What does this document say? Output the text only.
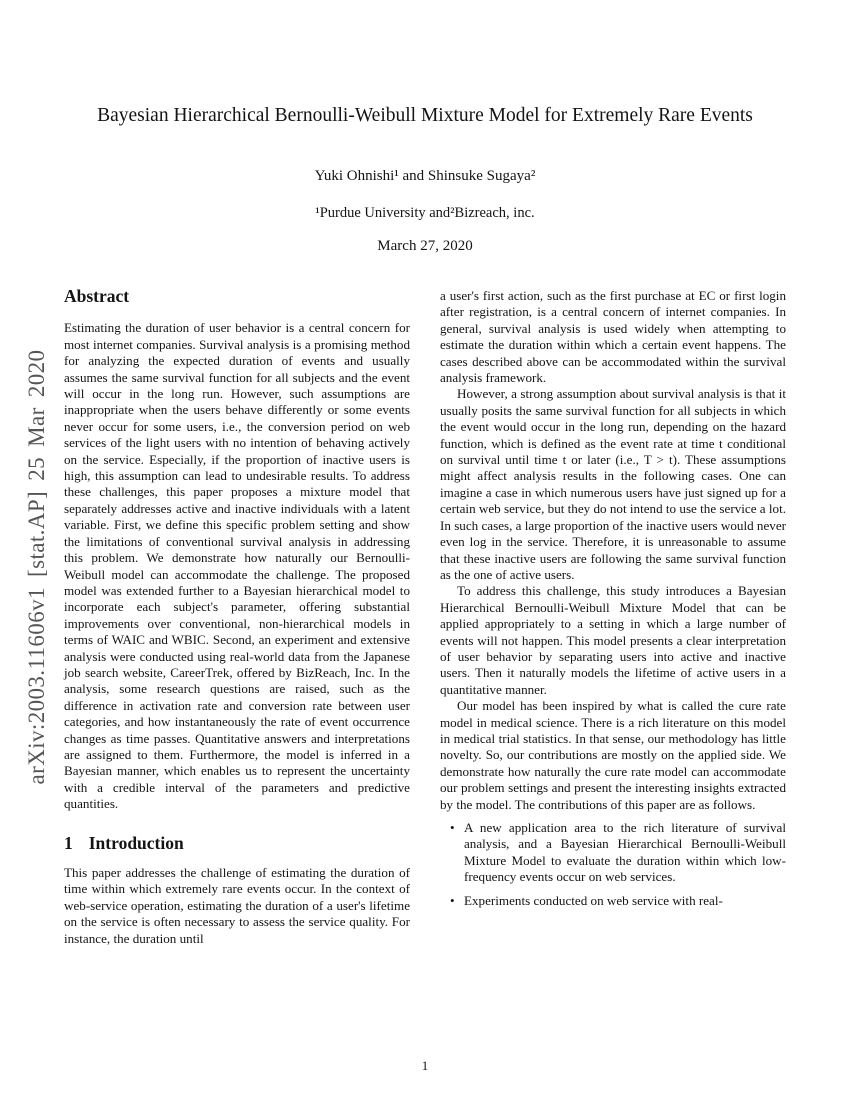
arXiv:2003.11606v1 [stat.AP] 25 Mar 2020
Bayesian Hierarchical Bernoulli-Weibull Mixture Model for Extremely Rare Events
Yuki Ohnishi¹ and Shinsuke Sugaya²
¹Purdue University and²Bizreach, inc.
March 27, 2020
Abstract

Estimating the duration of user behavior is a central concern for most internet companies. Survival analysis is a promising method for analyzing the expected duration of events and usually assumes the same survival function for all subjects and the event will occur in the long run. However, such assumptions are inappropriate when the users behave differently or some events never occur for some users, i.e., the conversion period on web services of the light users with no intention of behaving actively on the service. Especially, if the proportion of inactive users is high, this assumption can lead to undesirable results. To address these challenges, this paper proposes a mixture model that separately addresses active and inactive individuals with a latent variable. First, we define this specific problem setting and show the limitations of conventional survival analysis in addressing this problem. We demonstrate how naturally our Bernoulli-Weibull model can accommodate the challenge. The proposed model was extended further to a Bayesian hierarchical model to incorporate each subject's parameter, offering substantial improvements over conventional, non-hierarchical models in terms of WAIC and WBIC. Second, an experiment and extensive analysis were conducted using real-world data from the Japanese job search website, CareerTrek, offered by BizReach, Inc. In the analysis, some research questions are raised, such as the difference in activation rate and conversion rate between user categories, and how instantaneously the rate of event occurrence changes as time passes. Quantitative answers and interpretations are assigned to them. Furthermore, the model is inferred in a Bayesian manner, which enables us to represent the uncertainty with a credible interval of the parameters and predictive quantities.

1 Introduction

This paper addresses the challenge of estimating the duration of time within which extremely rare events occur. In the context of web-service operation, estimating the duration of a user's lifetime on the service is often necessary to assess the service quality. For instance, the duration until

a user's first action, such as the first purchase at EC or first login after registration, is a central concern of internet companies. In general, survival analysis is used widely when attempting to estimate the duration within which a certain event happens. The cases described above can be accommodated within the survival analysis framework.

However, a strong assumption about survival analysis is that it usually posits the same survival function for all subjects in which the event would occur in the long run, depending on the hazard function, which is defined as the event rate at time t conditional on survival until time t or later (i.e., T > t). These assumptions might affect analysis results in the following cases. One can imagine a case in which numerous users have just signed up for a certain web service, but they do not intend to use the service a lot. In such cases, a large proportion of the inactive users would never even log in the service. Therefore, it is unreasonable to assume that these inactive users are following the same survival function as the one of active users.

To address this challenge, this study introduces a Bayesian Hierarchical Bernoulli-Weibull Mixture Model that can be applied appropriately to a setting in which a large number of events will not happen. This model presents a clear interpretation of user behavior by separating users into active and inactive users. Then it naturally models the lifetime of active users in a quantitative manner.

Our model has been inspired by what is called the cure rate model in medical science. There is a rich literature on this model in medical trial statistics. In that sense, our methodology has little novelty. So, our contributions are mostly on the applied side. We demonstrate how naturally the cure rate model can accommodate our problem settings and present the interesting insights extracted by the model. The contributions of this paper are as follows.

• A new application area to the rich literature of survival analysis, and a Bayesian Hierarchical Bernoulli-Weibull Mixture Model to evaluate the duration within which low-frequency events occur on web services.
• Experiments conducted on web service with real-
1
